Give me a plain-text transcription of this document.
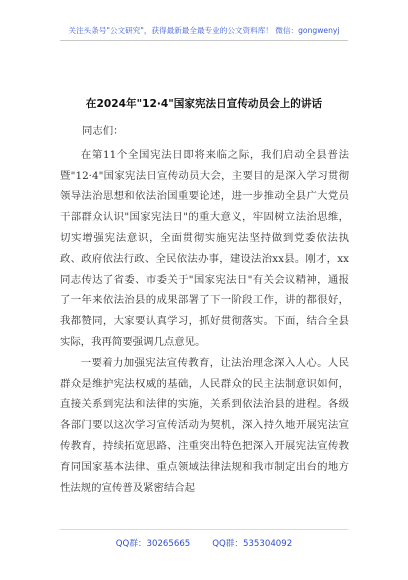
关注头条号"公文研究"，获得最新最全最专业的公文资料库！ 微信：gongwenyj
在2024年"12·4"国家宪法日宣传动员会上的讲话

同志们：

在第11个全国宪法日即将来临之际，我们启动全县普法暨"12·4"国家宪法日宣传动员大会，主要目的是深入学习贯彻领导法治思想和依法治国重要论述，进一步推动全县广大党员干部群众认识"国家宪法日"的重大意义，牢固树立法治思维，切实增强宪法意识，全面贯彻实施宪法坚持做到党委依法执政、政府依法行政、全民依法办事，建设法治xx县。刚才，xx同志传达了省委、市委关于"国家宪法日"有关会议精神，通报了一年来依法治县的成果部署了下一阶段工作，讲的都很好，我都赞同，大家要认真学习，抓好贯彻落实。下面，结合全县实际，我再简要强调几点意见。

一要着力加强宪法宣传教育，让法治理念深入人心。人民群众是维护宪法权威的基础，人民群众的民主法制意识如何，直接关系到宪法和法律的实施，关系到依法治县的进程。各级各部门要以这次学习宣传活动为契机，深入持久地开展宪法宣传教育，持续拓宽思路、注重突出特色把深入开展宪法宣传教育同国家基本法律、重点领域法律法规和我市制定出台的地方性法规的宣传普及紧密结合起

QQ群：30265665	QQ群：535304092
